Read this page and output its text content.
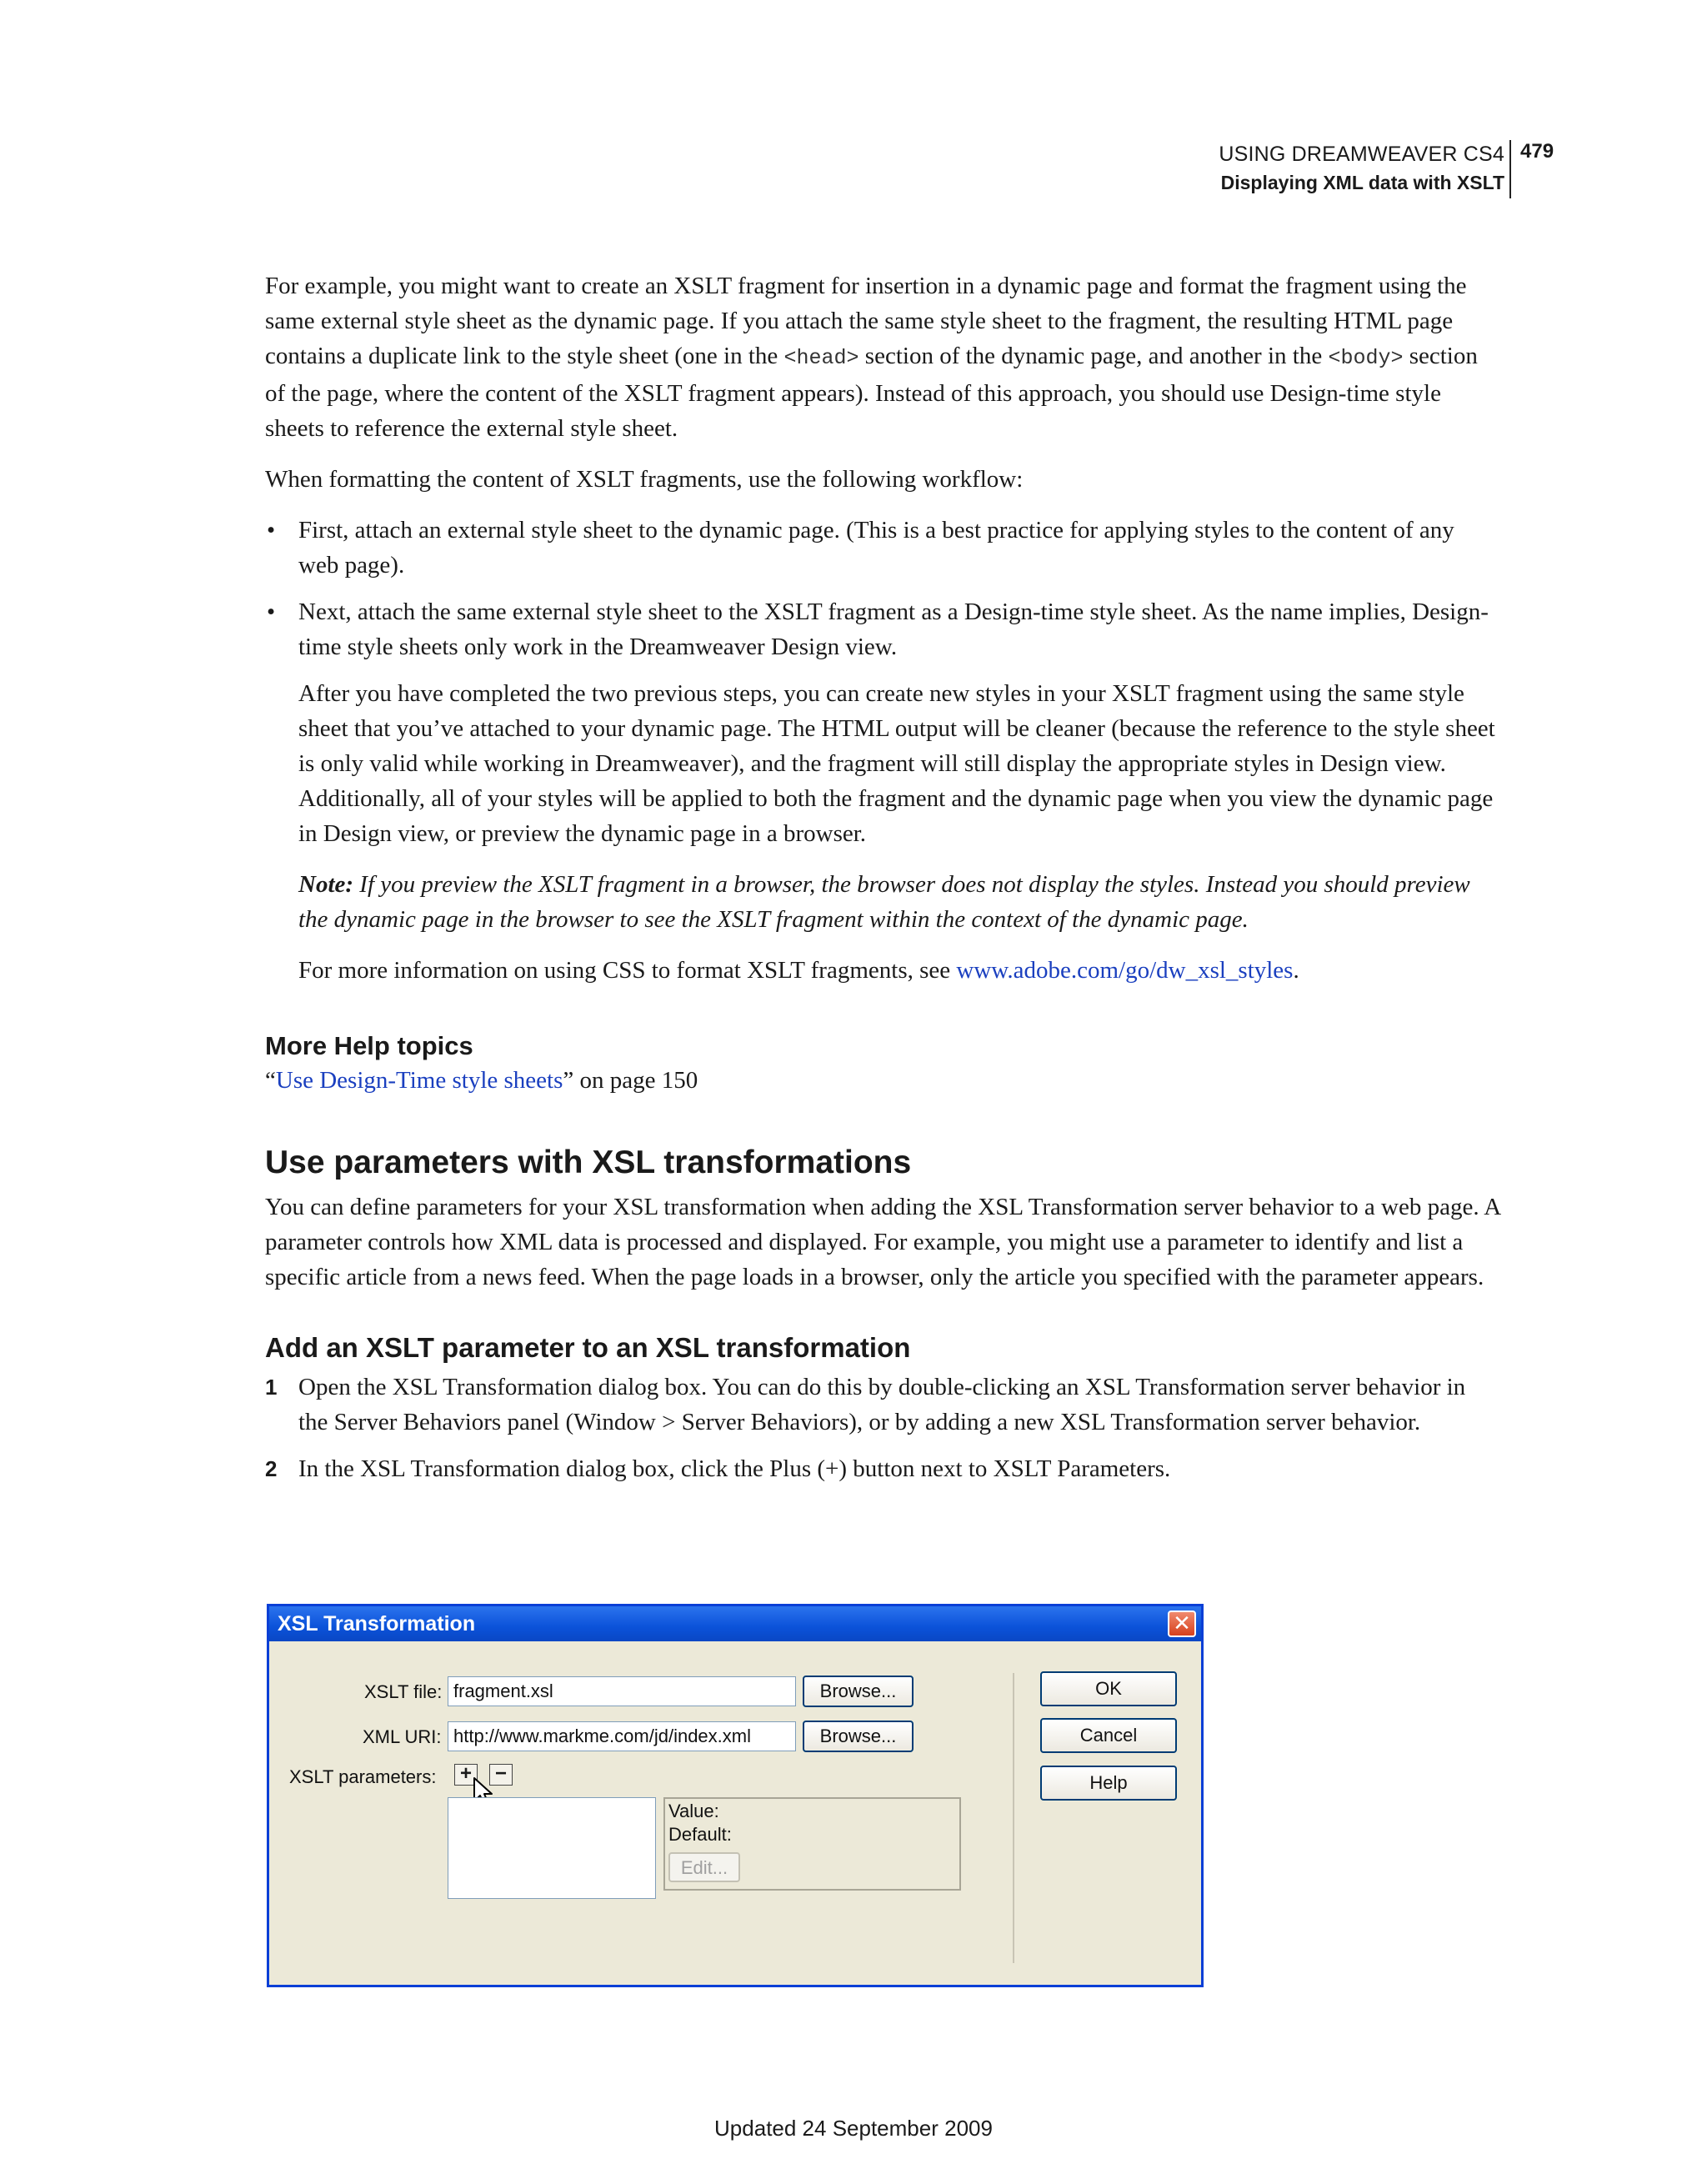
USING DREAMWEAVER CS4
Displaying XML data with XSLT
479

For example, you might want to create an XSLT fragment for insertion in a dynamic page and format the fragment using the same external style sheet as the dynamic page. If you attach the same style sheet to the fragment, the resulting HTML page contains a duplicate link to the style sheet (one in the <head> section of the dynamic page, and another in the <body> section of the page, where the content of the XSLT fragment appears). Instead of this approach, you should use Design-time style sheets to reference the external style sheet.

When formatting the content of XSLT fragments, use the following workflow:

• First, attach an external style sheet to the dynamic page. (This is a best practice for applying styles to the content of any web page).
• Next, attach the same external style sheet to the XSLT fragment as a Design-time style sheet. As the name implies, Design-time style sheets only work in the Dreamweaver Design view.

After you have completed the two previous steps, you can create new styles in your XSLT fragment using the same style sheet that you’ve attached to your dynamic page. The HTML output will be cleaner (because the reference to the style sheet is only valid while working in Dreamweaver), and the fragment will still display the appropriate styles in Design view. Additionally, all of your styles will be applied to both the fragment and the dynamic page when you view the dynamic page in Design view, or preview the dynamic page in a browser.

Note: If you preview the XSLT fragment in a browser, the browser does not display the styles. Instead you should preview the dynamic page in the browser to see the XSLT fragment within the context of the dynamic page.

For more information on using CSS to format XSLT fragments, see www.adobe.com/go/dw_xsl_styles.

More Help topics

“Use Design-Time style sheets” on page 150

Use parameters with XSL transformations

You can define parameters for your XSL transformation when adding the XSL Transformation server behavior to a web page. A parameter controls how XML data is processed and displayed. For example, you might use a parameter to identify and list a specific article from a news feed. When the page loads in a browser, only the article you specified with the parameter appears.

Add an XSLT parameter to an XSL transformation
1 Open the XSL Transformation dialog box. You can do this by double-clicking an XSL Transformation server behavior in the Server Behaviors panel (Window > Server Behaviors), or by adding a new XSL Transformation server behavior.
2 In the XSL Transformation dialog box, click the Plus (+) button next to XSLT Parameters.
XSL Transformation	✕
XSLT file: fragment.xsl	Browse...
XML URI: http://www.markme.com/jd/index.xml	Browse...
XSLT parameters: + −
Value:
Default:
Edit...
OK
Cancel
Help
Updated 24 September 2009
